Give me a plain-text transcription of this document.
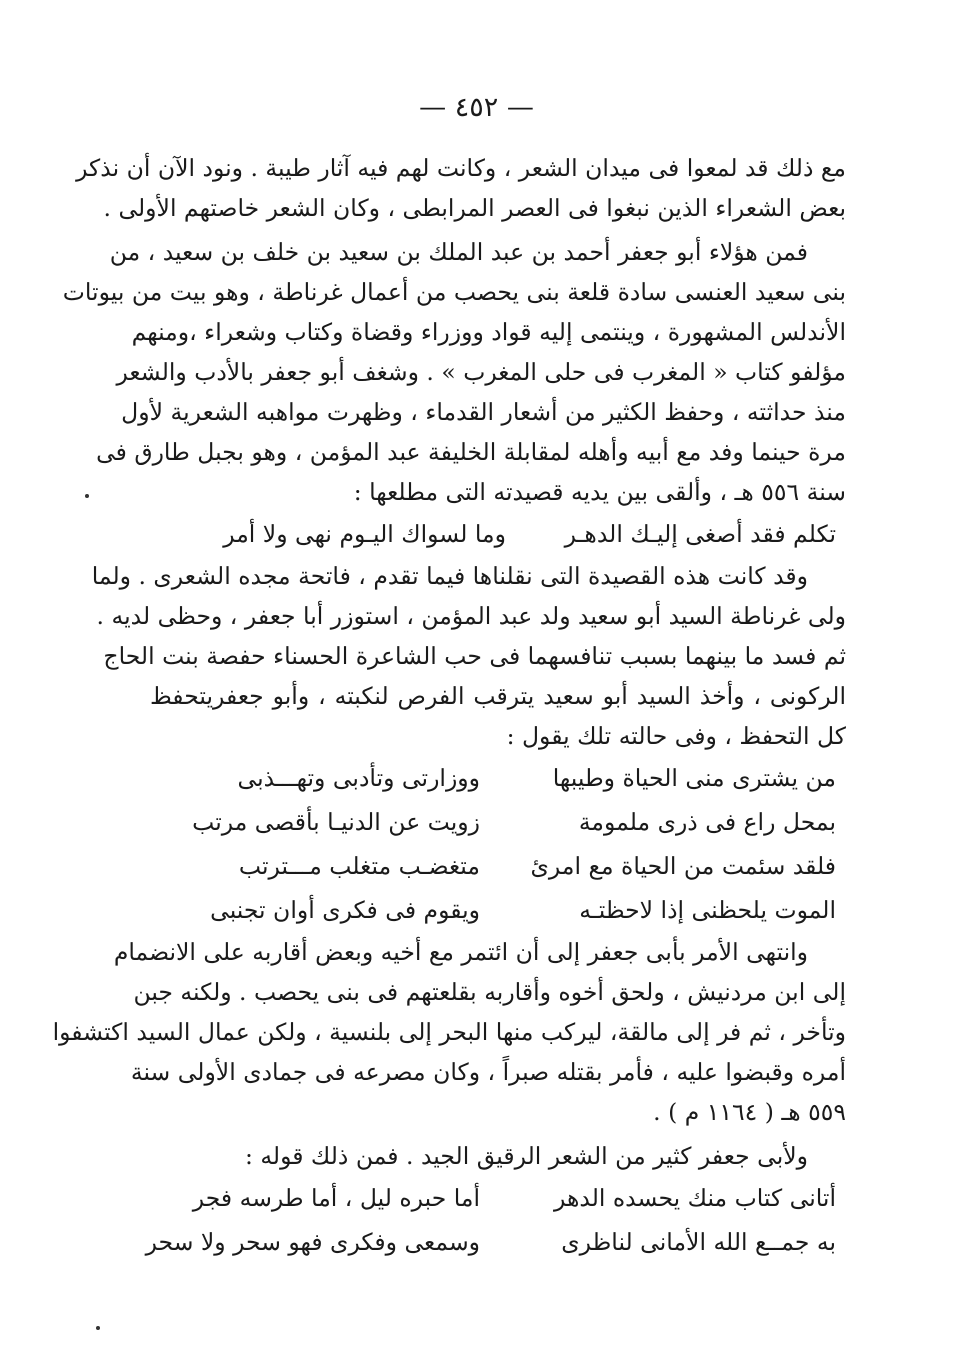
— ٤٥٢ —
مع ذلك قد لمعوا فى ميدان الشعر ، وكانت لهم فيه آثار طيبة . ونود الآن أن نذكر
بعض الشعراء الذين نبغوا فى العصر المرابطى ، وكان الشعر خاصتهم الأولى .
فمن هؤلاء أبو جعفر أحمد بن عبد الملك بن سعيد بن خلف بن سعيد ، من
بنى سعيد العنسى سادة قلعة بنى يحصب من أعمال غرناطة ، وهو بيت من بيوتات
الأندلس المشهورة ، وينتمى إليه قواد ووزراء وقضاة وكتاب وشعراء ،ومنهم
مؤلفو كتاب « المغرب فى حلى المغرب » . وشغف أبو جعفر بالأدب والشعر
منذ حداثته ، وحفظ الكثير من أشعار القدماء ، وظهرت مواهبه الشعرية لأول
مرة حينما وفد مع أبيه وأهله لمقابلة الخليفة عبد المؤمن ، وهو بجبل طارق فى
سنة ٥٥٦ هـ ، وألقى بين يديه قصيدته التى مطلعها :
تكلم فقد أصغى إليـك الدهـر
وما لسواك اليـوم نهى ولا أمر
وقد كانت هذه القصيدة التى نقلناها فيما تقدم ، فاتحة مجده الشعرى . ولما
ولى غرناطة السيد أبو سعيد ولد عبد المؤمن ، استوزر أبا جعفر ، وحظى لديه .
ثم فسد ما بينهما بسبب تنافسهما فى حب الشاعرة الحسناء حفصة بنت الحاج
الركونى ، وأخذ السيد أبو سعيد يترقب الفرص لنكبته ، وأبو جعفريتحفظ
كل التحفظ ، وفى حالته تلك يقول :
من يشترى منى الحياة وطيبها
ووزارتى وتأدبى وتهـــذبى
بمحل راع فى ذرى ملمومة
زويت عن الدنيـا بأقصى مرتب
فلقد سئمت من الحياة مع امرئ
متغضـب متغلب مـــترتب
الموت يلحظنى إذا لاحظتـه
ويقوم فى فكرى أوان تجنبى
وانتهى الأمر بأبى جعفر إلى أن ائتمر مع أخيه وبعض أقاربه على الانضمام
إلى ابن مردنيش ، ولحق أخوه وأقاربه بقلعتهم فى بنى يحصب . ولكنه جبن
وتأخر ، ثم فر إلى مالقة، ليركب منها البحر إلى بلنسية ، ولكن عمال السيد اكتشفوا
أمره وقبضوا عليه ، فأمر بقتله صبراً ، وكان مصرعه فى جمادى الأولى سنة
٥٥٩ هـ ( ١١٦٤ م ) .
ولأبى جعفر كثير من الشعر الرقيق الجيد . فمن ذلك قوله :
أتانى كتاب منك يحسده الدهر
أما حبره ليل ، أما طرسه فجر
به جمــع الله الأمانى لناظرى
وسمعى وفكرى فهو سحر ولا سحر
